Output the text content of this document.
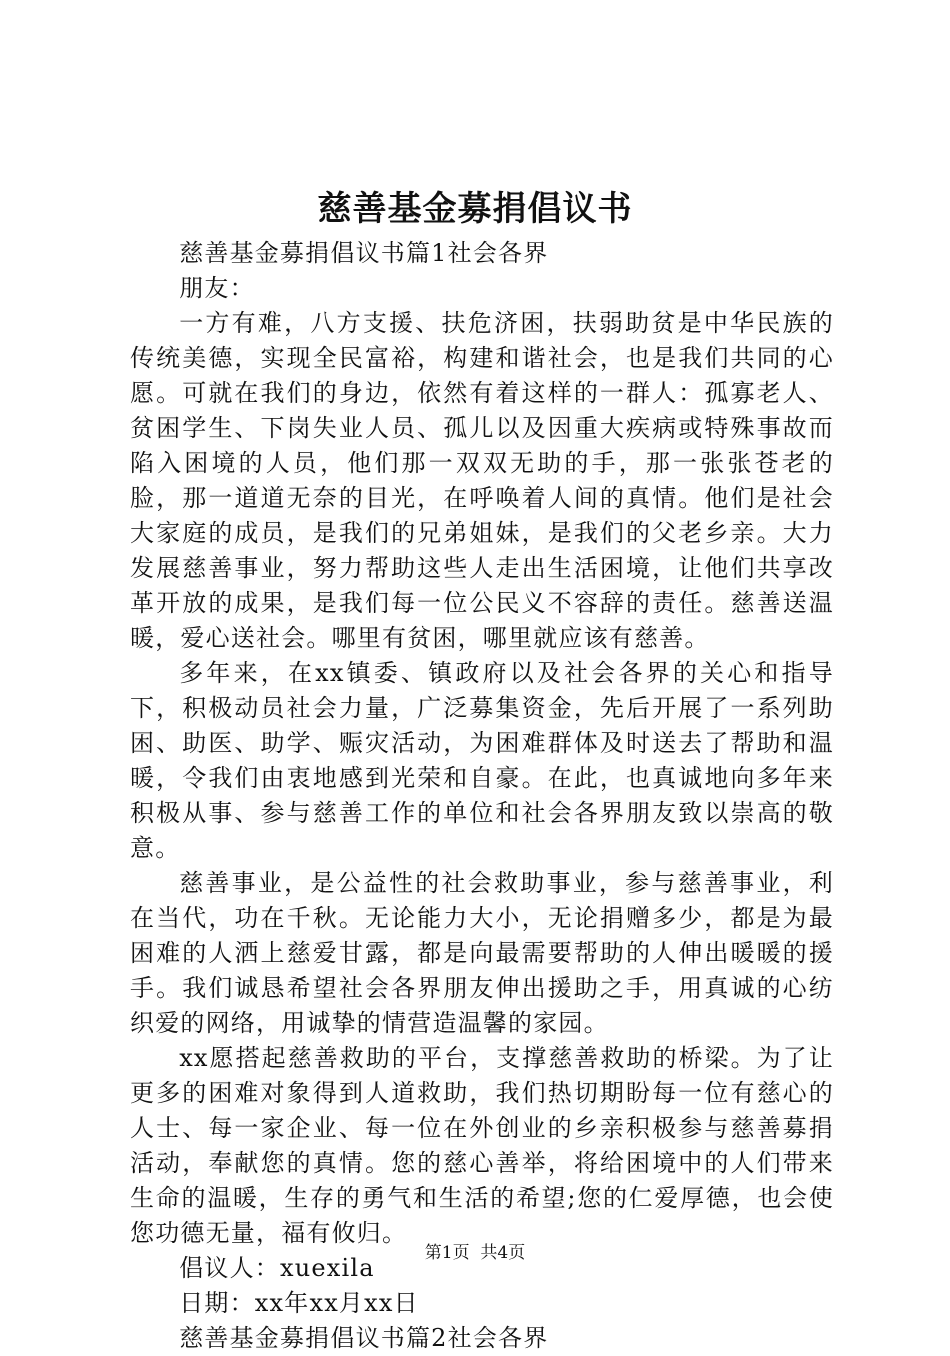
慈善基金募捐倡议书

慈善基金募捐倡议书篇1社会各界

朋友：

一方有难，八方支援、扶危济困，扶弱助贫是中华民族的传统美德，实现全民富裕，构建和谐社会，也是我们共同的心愿。可就在我们的身边，依然有着这样的一群人：孤寡老人、贫困学生、下岗失业人员、孤儿以及因重大疾病或特殊事故而陷入困境的人员，他们那一双双无助的手，那一张张苍老的脸，那一道道无奈的目光，在呼唤着人间的真情。他们是社会大家庭的成员，是我们的兄弟姐妹，是我们的父老乡亲。大力发展慈善事业，努力帮助这些人走出生活困境，让他们共享改革开放的成果，是我们每一位公民义不容辞的责任。慈善送温暖，爱心送社会。哪里有贫困，哪里就应该有慈善。

多年来，在xx镇委、镇政府以及社会各界的关心和指导下，积极动员社会力量，广泛募集资金，先后开展了一系列助困、助医、助学、赈灾活动，为困难群体及时送去了帮助和温暖，令我们由衷地感到光荣和自豪。在此，也真诚地向多年来积极从事、参与慈善工作的单位和社会各界朋友致以崇高的敬意。

慈善事业，是公益性的社会救助事业，参与慈善事业，利在当代，功在千秋。无论能力大小，无论捐赠多少，都是为最困难的人洒上慈爱甘露，都是向最需要帮助的人伸出暖暖的援手。我们诚恳希望社会各界朋友伸出援助之手，用真诚的心纺织爱的网络，用诚挚的情营造温馨的家园。

xx愿搭起慈善救助的平台，支撑慈善救助的桥梁。为了让更多的困难对象得到人道救助，我们热切期盼每一位有慈心的人士、每一家企业、每一位在外创业的乡亲积极参与慈善募捐活动，奉献您的真情。您的慈心善举，将给困境中的人们带来生命的温暖，生存的勇气和生活的希望;您的仁爱厚德，也会使您功德无量，福有攸归。

倡议人：xuexila

日期：xx年xx月xx日

慈善基金募捐倡议书篇2社会各界

第1页  共4页
